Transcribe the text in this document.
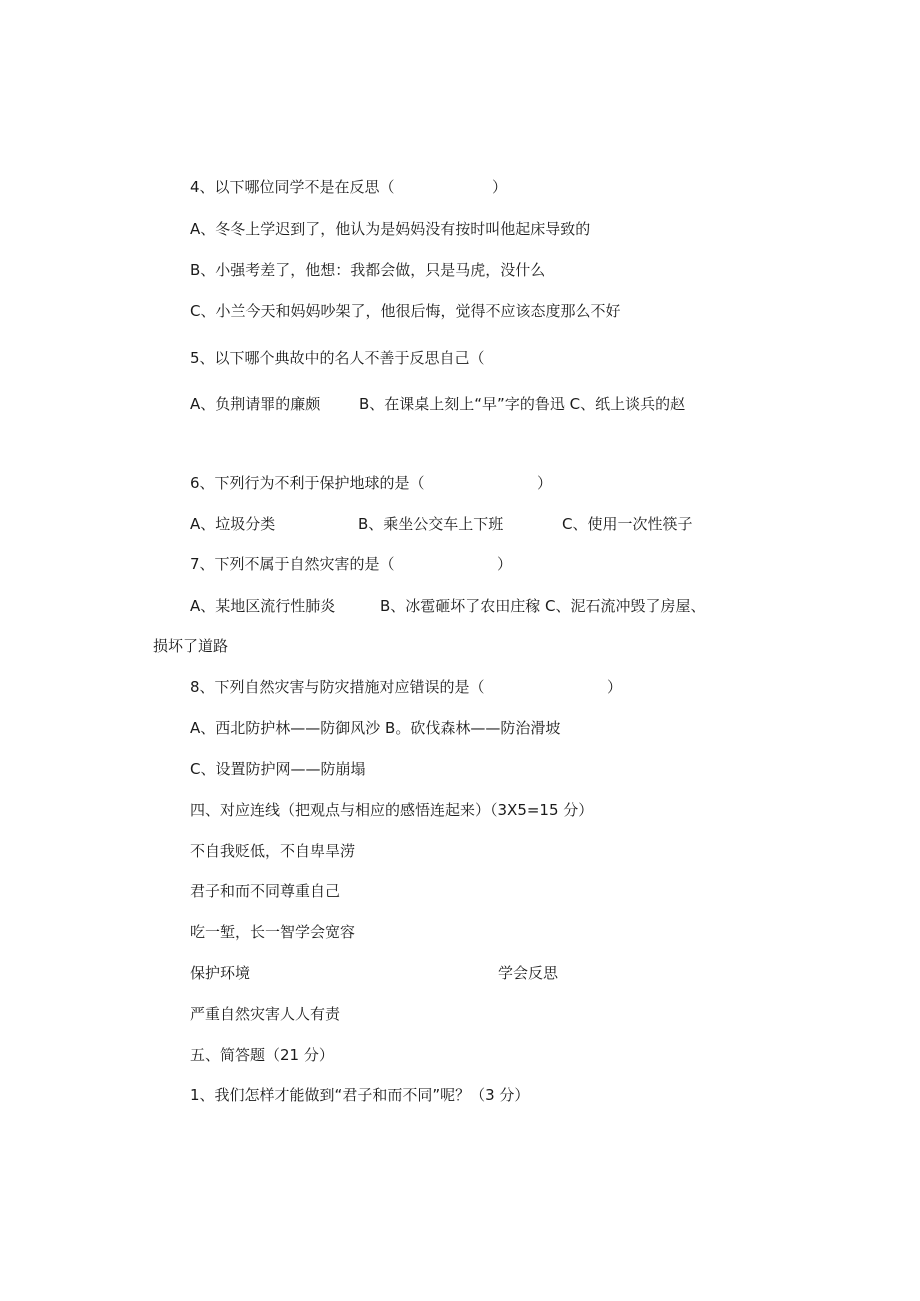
4、以下哪位同学不是在反思（	）
A、冬冬上学迟到了，他认为是妈妈没有按时叫他起床导致的
B、小强考差了，他想：我都会做，只是马虎，没什么
C、小兰今天和妈妈吵架了，他很后悔，觉得不应该态度那么不好
5、以下哪个典故中的名人不善于反思自己（
A、负荆请罪的廉颇	B、在课桌上刻上“早”字的鲁迅 C、纸上谈兵的赵
6、下列行为不利于保护地球的是（	）
A、垃圾分类	B、乘坐公交车上下班	C、使用一次性筷子
7、下列不属于自然灾害的是（	）
A、某地区流行性肺炎	B、冰雹砸坏了农田庄稼 C、泥石流冲毁了房屋、
损坏了道路
8、下列自然灾害与防灾措施对应错误的是（	）
A、西北防护林——防御风沙 B。砍伐森林——防治滑坡
C、设置防护网——防崩塌
四、对应连线（把观点与相应的感悟连起来）（3X5=15 分）
不自我贬低，不自卑旱涝
君子和而不同尊重自己
吃一堑，长一智学会宽容
保护环境	学会反思
严重自然灾害人人有责
五、简答题（21 分）
1、我们怎样才能做到“君子和而不同”呢？（3 分）
